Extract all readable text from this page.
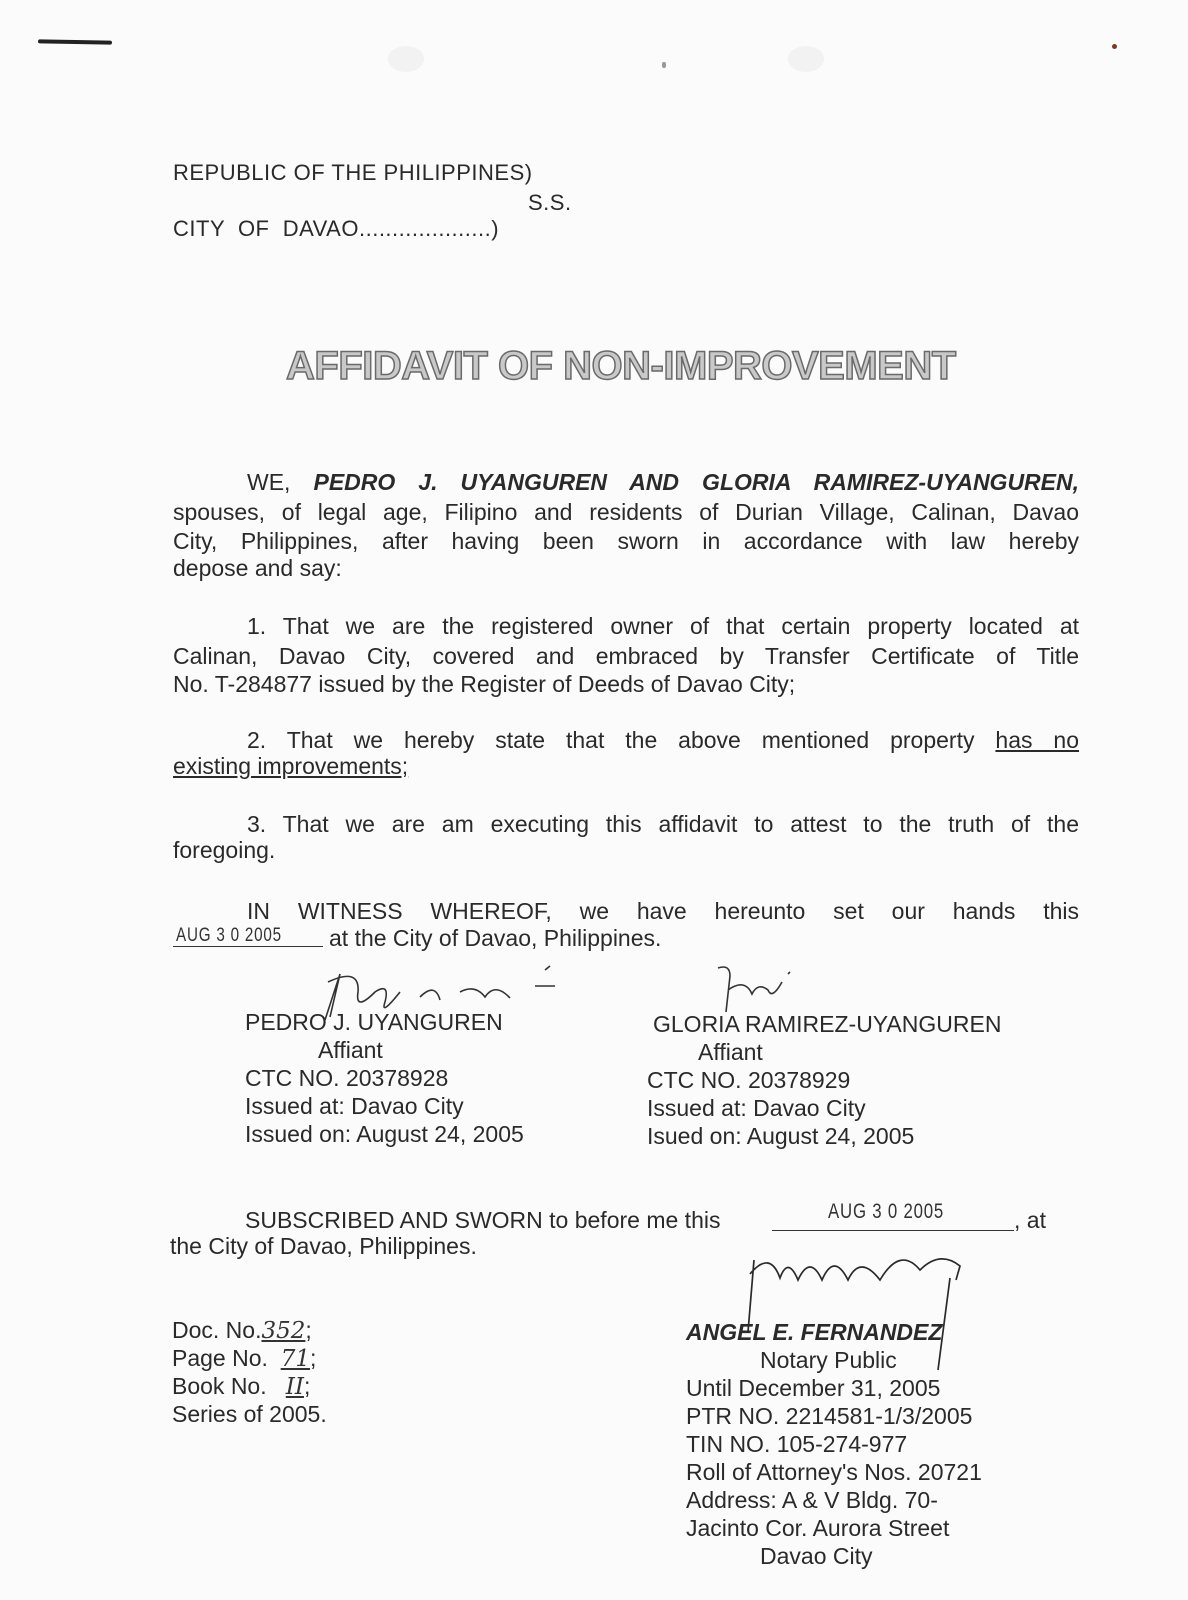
REPUBLIC OF THE PHILIPPINES)
S.S.
CITY  OF  DAVAO....................)
AFFIDAVIT OF NON-IMPROVEMENT
WE, PEDRO J. UYANGUREN AND GLORIA RAMIREZ-UYANGUREN,
spouses, of legal age, Filipino and residents of Durian Village, Calinan, Davao
City, Philippines, after having been sworn in accordance with law hereby
depose and say:
1. That we are the registered owner of that certain property located at
Calinan, Davao City, covered and embraced by Transfer Certificate of Title
No. T-284877 issued by the Register of Deeds of Davao City;
2. That we hereby state that the above mentioned property has no
existing improvements;
3. That we are am executing this affidavit to attest to the truth of the
foregoing.
IN WITNESS WHEREOF, we have hereunto set our hands this
AUG 3 0 2005 at the City of Davao, Philippines.
PEDRO J. UYANGUREN
Affiant
CTC NO. 20378928
Issued at: Davao City
Issued on: August 24, 2005
GLORIA RAMIREZ-UYANGUREN
Affiant
CTC NO. 20378929
Issued at: Davao City
Isued on: August 24, 2005
SUBSCRIBED AND SWORN to before me this	AUG 3 0 2005	, at
the City of Davao, Philippines.
Doc. No.352;
Page No. 71;
Book No. II;
Series of 2005.
ANGEL E. FERNANDEZ
Notary Public
Until December 31, 2005
PTR NO. 2214581-1/3/2005
TIN NO. 105-274-977
Roll of Attorney's Nos. 20721
Address: A & V Bldg. 70-
Jacinto Cor. Aurora Street
Davao City
